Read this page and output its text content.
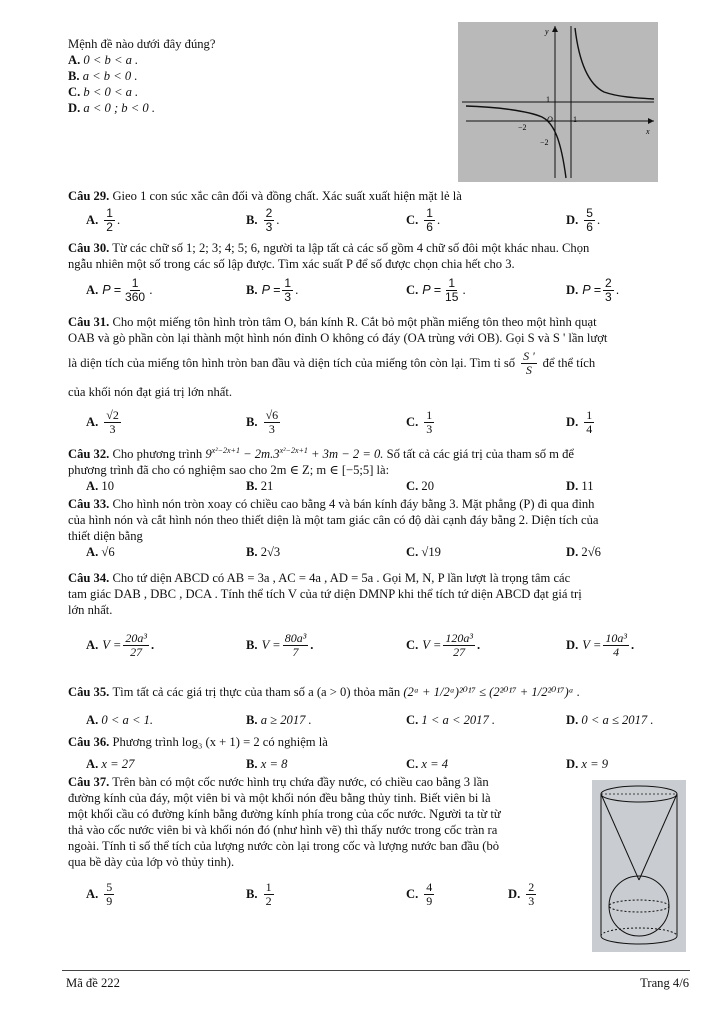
Mệnh đề nào dưới đây đúng?
A. 0 < b < a .
B. a < b < 0 .
C. b < 0 < a .
D. a < 0 ; b < 0 .
Câu 29. Gieo 1 con súc xắc cân đối và đồng chất. Xác suất xuất hiện mặt lẻ là
A. $\frac{1}{2}$ .	B. $\frac{2}{3}$ .	C. $\frac{1}{6}$ .	D. $\frac{5}{6}$ .
Câu 30. Từ các chữ số 1; 2; 3; 4; 5; 6, người ta lập tất cả các số gồm 4 chữ số đôi một khác nhau. Chọn
ngẫu nhiên một số trong các số lập được. Tìm xác suất P để số được chọn chia hết cho 3.
A. $P = \frac{1}{360}$ .	B. $P = \frac{1}{3}$ .	C. $P = \frac{1}{15}$ .	D. $P = \frac{2}{3}$ .
Câu 31. Cho một miếng tôn hình tròn tâm O, bán kính R. Cắt bỏ một phần miếng tôn theo một hình quạt
OAB và gò phần còn lại thành một hình nón đỉnh O không có đáy (OA trùng với OB). Gọi S và S ' lần lượt
là diện tích của miếng tôn hình tròn ban đầu và diện tích của miếng tôn còn lại. Tìm tỉ số $\frac{S '}{S}$ để thể tích
của khối nón đạt giá trị lớn nhất.
A. $\frac{√2}{3}$	B. $\frac{√6}{3}$	C. $\frac{1}{3}$	D. $\frac{1}{4}$
Câu 32. Cho phương trình $9^{x^2-2x+1} - 2m.3^{x^2-2x+1} + 3m - 2 = 0$. Số tất cả các giá trị của tham số m để
phương trình đã cho có nghiệm sao cho 2m ∈ Z; m ∈ [−5;5] là:
A. 10	B. 21	C. 20	D. 11
Câu 33. Cho hình nón tròn xoay có chiều cao bằng 4 và bán kính đáy bằng 3. Mặt phẳng (P) đi qua đỉnh
của hình nón và cắt hình nón theo thiết diện là một tam giác cân có độ dài cạnh đáy bằng 2. Diện tích của
thiết diện bằng
A. √6	B. 2√3	C. √19	D. 2√6
Câu 34. Cho tứ diện ABCD có AB = 3a , AC = 4a , AD = 5a . Gọi M, N, P lần lượt là trọng tâm các
tam giác DAB , DBC , DCA . Tính thể tích V của tứ diện DMNP khi thể tích tứ diện ABCD đạt giá trị
lớn nhất.
A. $V = \frac{\text{20a³}}{27}$ .	B. $V = \frac{\text{80a³}}{7}$ .	C. $V = \frac{\text{120a³}}{27}$ .	D. $V = \frac{\text{10a³}}{4}$ .
Câu 35.
Tìm tất cả các giá trị thực của tham số a (a > 0) thỏa mãn
(2ᵃ + 1/2ᵃ)²⁰¹⁷ ≤ (2²⁰¹⁷ + 1/2²⁰¹⁷)ᵃ .
A. 0 < a < 1.	B. a ≥ 2017 .	C. 1 < a < 2017 .	D. 0 < a ≤ 2017 .
Câu 36. Phương trình log₃ (x + 1) = 2 có nghiệm là
A. x = 27	B. x = 8	C. x = 4	D. x = 9
Câu 37. Trên bàn có một cốc nước hình trụ chứa đầy nước, có chiều cao bằng 3 lần
đường kính của đáy, một viên bi và một khối nón đều bằng thủy tinh. Biết viên bi là
một khối cầu có đường kính bằng đường kính phía trong của cốc nước. Người ta từ từ
thả vào cốc nước viên bi và khối nón đó (như hình vẽ) thì thấy nước trong cốc tràn ra
ngoài. Tính tỉ số thể tích của lượng nước còn lại trong cốc và lượng nước ban đầu (bỏ
qua bề dày của lớp vỏ thủy tinh).
A. $\frac{5}{9}$	B. $\frac{1}{2}$	C. $\frac{4}{9}$	D. $\frac{2}{3}$
y
x
1
−2
O	1
−2
Mã đề 222	Trang 4/6
